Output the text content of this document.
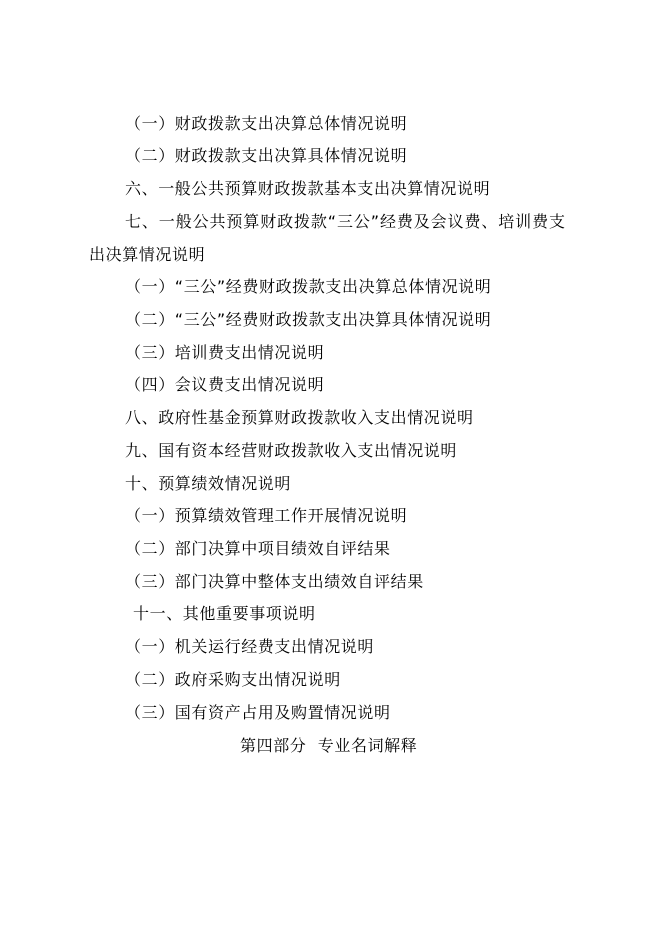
（一）财政拨款支出决算总体情况说明
（二）财政拨款支出决算具体情况说明
六、一般公共预算财政拨款基本支出决算情况说明
七、一般公共预算财政拨款“三公”经费及会议费、培训费支
出决算情况说明
（一）“三公”经费财政拨款支出决算总体情况说明
（二）“三公”经费财政拨款支出决算具体情况说明
（三）培训费支出情况说明
（四）会议费支出情况说明
八、政府性基金预算财政拨款收入支出情况说明
九、国有资本经营财政拨款收入支出情况说明
十、预算绩效情况说明
（一）预算绩效管理工作开展情况说明
（二）部门决算中项目绩效自评结果
（三）部门决算中整体支出绩效自评结果
十一、其他重要事项说明
（一）机关运行经费支出情况说明
（二）政府采购支出情况说明
（三）国有资产占用及购置情况说明
第四部分  专业名词解释
